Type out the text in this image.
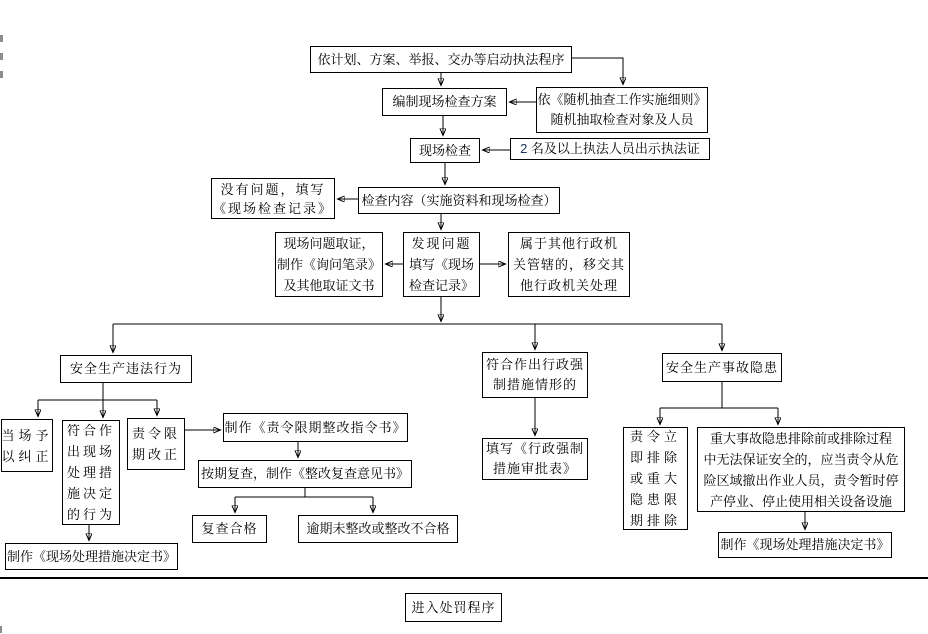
依计划、方案、举报、交办等启动执法程序
依《随机抽查工作实施细则》
随机抽取检查对象及人员
编制现场检查方案
现场检查	2 名及以上执法人员出示执法证
检查内容（实施资料和现场检查）
没有问题，填写
《现场检查记录》
现场问题取证，
制作《询问笔录》
及其他取证文书
发现问题
填写《现场
检查记录》
属于其他行政机
关管辖的，移交其
他行政机关处理
安全生产违法行为
当场予
以纠正
符合作
出现场
处理措
施决定
的行为
责令限
期改正
制作《责令限期整改指令书》
按期复查，制作《整改复查意见书》
复查合格	逾期未整改或整改不合格
制作《现场处理措施决定书》
符合作出行政强
制措施情形的
填写《行政强制
措施审批表》
安全生产事故隐患
责令立
即排除
或重大
隐患限
期排除
重大事故隐患排除前或排除过程
中无法保证安全的，应当责令从危
险区域撤出作业人员，责令暂时停
产停业、停止使用相关设备设施
制作《现场处理措施决定书》
进入处罚程序
